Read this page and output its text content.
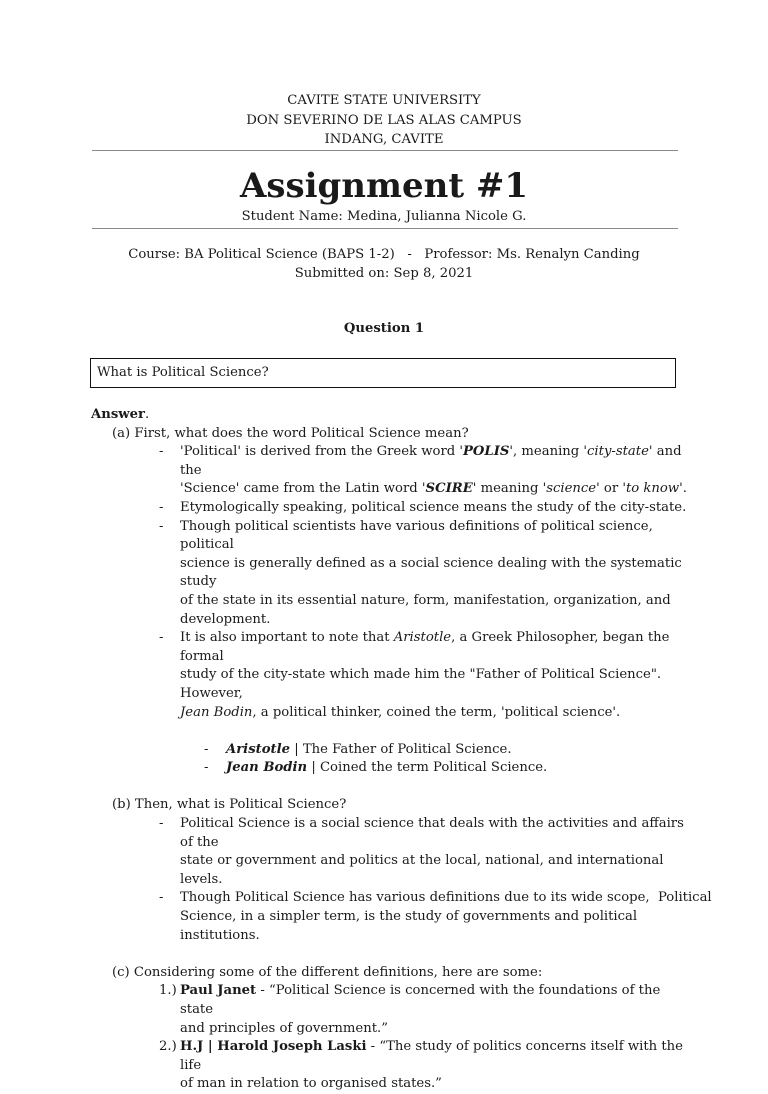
CAVITE STATE UNIVERSITY
DON SEVERINO DE LAS ALAS CAMPUS
INDANG, CAVITE
Assignment #1
Student Name: Medina, Julianna Nicole G.
Course: BA Political Science (BAPS 1-2)   -   Professor: Ms. Renalyn Canding
Submitted on: Sep 8, 2021
Question 1
What is Political Science?
Answer.
(a) First, what does the word Political Science mean?
- 'Political' is derived from the Greek word 'POLIS', meaning 'city-state' and the
'Science' came from the Latin word 'SCIRE' meaning 'science' or 'to know'.
- Etymologically speaking, political science means the study of the city-state.
- Though political scientists have various definitions of political science, political
science is generally defined as a social science dealing with the systematic study
of the state in its essential nature, form, manifestation, organization, and
development.
- It is also important to note that Aristotle, a Greek Philosopher, began the formal
study of the city-state which made him the "Father of Political Science". However,
Jean Bodin, a political thinker, coined the term, 'political science'.
- Aristotle | The Father of Political Science.
- Jean Bodin | Coined the term Political Science.
(b) Then, what is Political Science?
- Political Science is a social science that deals with the activities and affairs of the
state or government and politics at the local, national, and international levels.
- Though Political Science has various definitions due to its wide scope,  Political
Science, in a simpler term, is the study of governments and political institutions.
(c) Considering some of the different definitions, here are some:
1.) Paul Janet - “Political Science is concerned with the foundations of the state
and principles of government.”
2.) H.J | Harold Joseph Laski - “The study of politics concerns itself with the life
of man in relation to organised states.”
